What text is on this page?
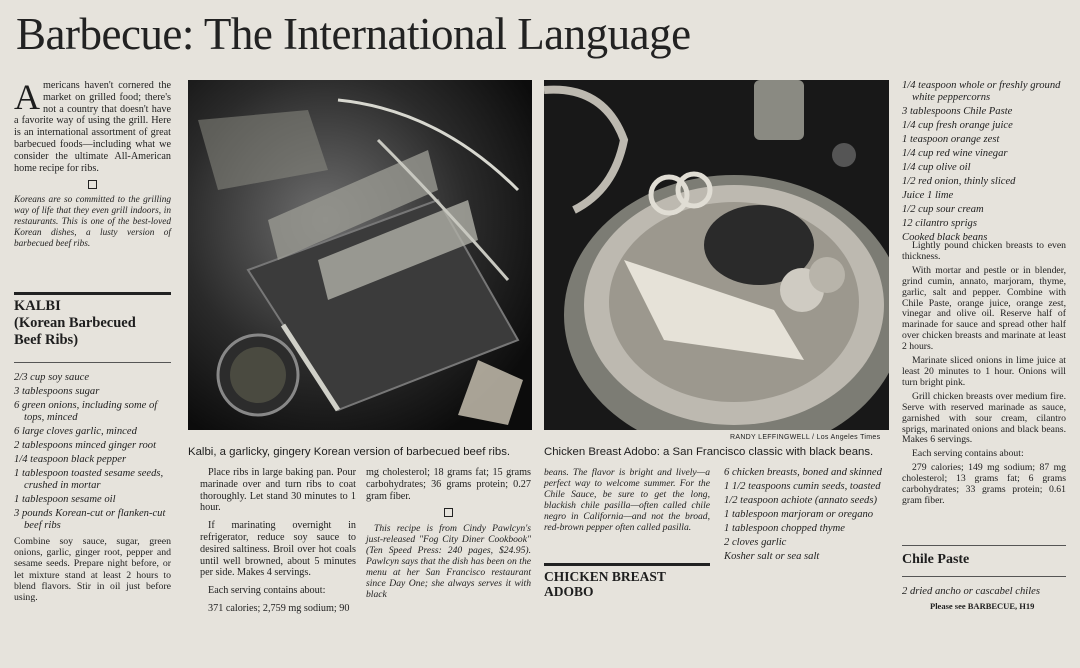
Barbecue: The International Language

Americans haven't cornered the market on grilled food; there's not a country that doesn't have a favorite way of using the grill. Here is an international assortment of great barbecued foods—including what we consider the ultimate All-American home recipe for ribs.

Koreans are so committed to the grilling way of life that they even grill indoors, in restaurants. This is one of the best-loved Korean dishes, a lusty version of barbecued beef ribs.

KALBI
(Korean Barbecued
Beef Ribs)

2/3 cup soy sauce

3 tablespoons sugar

6 green onions, including some of tops, minced

6 large cloves garlic, minced

2 tablespoons minced ginger root

1/4 teaspoon black pepper

1 tablespoon toasted sesame seeds, crushed in mortar

1 tablespoon sesame oil

3 pounds Korean-cut or flanken-cut beef ribs

Combine soy sauce, sugar, green onions, garlic, ginger root, pepper and sesame seeds. Prepare night before, or let mixture stand at least 2 hours to blend flavors. Stir in oil just before using.

Kalbi, a garlicky, gingery Korean version of barbecued beef ribs.

Place ribs in large baking pan. Pour marinade over and turn ribs to coat thoroughly. Let stand 30 minutes to 1 hour.

If marinating overnight in refrigerator, reduce soy sauce to desired saltiness. Broil over hot coals until well browned, about 5 minutes per side. Makes 4 servings.

Each serving contains about:

371 calories; 2,759 mg sodium; 90

mg cholesterol; 18 grams fat; 15 grams carbohydrates; 36 grams protein; 0.27 gram fiber.

This recipe is from Cindy Pawlcyn's just-released "Fog City Diner Cookbook" (Ten Speed Press: 240 pages, $24.95). Pawlcyn says that the dish has been on the menu at her San Francisco restaurant since Day One; she always serves it with black

Chicken Breast Adobo: a San Francisco classic with black beans.
RANDY LEFFINGWELL / Los Angeles Times

beans. The flavor is bright and lively—a perfect way to welcome summer. For the Chile Sauce, be sure to get the long, blackish chile pasilla—often called chile negro in California—and not the broad, red-brown pepper often called pasilla.

CHICKEN BREAST
ADOBO

6 chicken breasts, boned and skinned

1 1/2 teaspoons cumin seeds, toasted

1/2 teaspoon achiote (annato seeds)

1 tablespoon marjoram or oregano

1 tablespoon chopped thyme

2 cloves garlic

Kosher salt or sea salt

1/4 teaspoon whole or freshly ground white peppercorns

3 tablespoons Chile Paste

1/4 cup fresh orange juice

1 teaspoon orange zest

1/4 cup red wine vinegar

1/4 cup olive oil

1/2 red onion, thinly sliced

Juice 1 lime

1/2 cup sour cream

12 cilantro sprigs

Cooked black beans

Lightly pound chicken breasts to even thickness.

With mortar and pestle or in blender, grind cumin, annato, marjoram, thyme, garlic, salt and pepper. Combine with Chile Paste, orange juice, orange zest, vinegar and olive oil. Reserve half of marinade for sauce and spread other half over chicken breasts and marinate at least 2 hours.

Marinate sliced onions in lime juice at least 20 minutes to 1 hour. Onions will turn bright pink.

Grill chicken breasts over medium fire. Serve with reserved marinade as sauce, garnished with sour cream, cilantro sprigs, marinated onions and black beans. Makes 6 servings.

Each serving contains about:

279 calories; 149 mg sodium; 87 mg cholesterol; 13 grams fat; 6 grams carbohydrates; 33 grams protein; 0.61 gram fiber.

Chile Paste

2 dried ancho or cascabel chiles

Please see BARBECUE, H19
